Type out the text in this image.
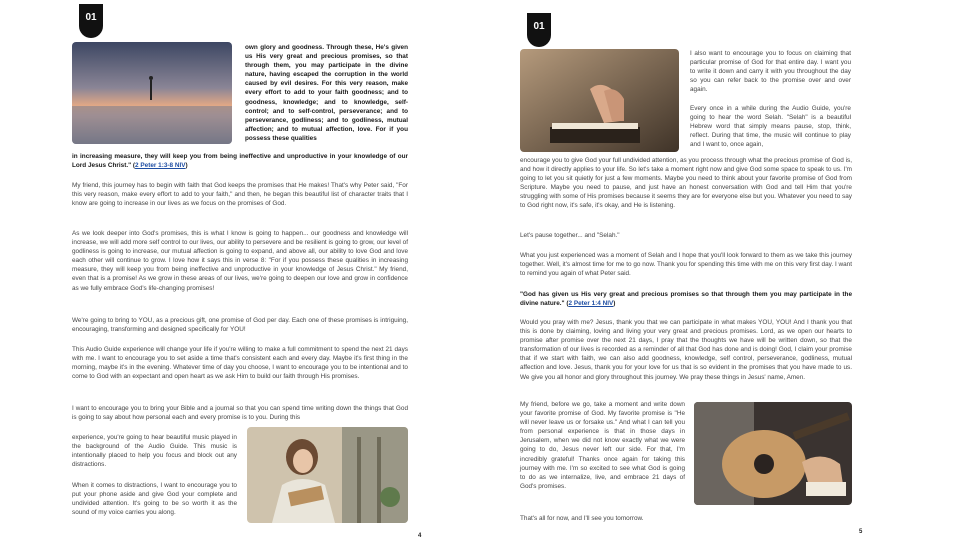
01
own glory and goodness. Through these, He's given us His very great and precious promises, so that through them, you may participate in the divine nature, having escaped the corruption in the world caused by evil desires. For this very reason, make every effort to add to your faith goodness; and to goodness, knowledge; and to knowledge, self-control; and to self-control, perseverance; and to perseverance, godliness; and to godliness, mutual affection; and to mutual affection, love. For if you possess these qualities
in increasing measure, they will keep you from being ineffective and unproductive in your knowledge of our Lord Jesus Christ." (2 Peter 1:3-8 NIV)
My friend, this journey has to begin with faith that God keeps the promises that He makes! That's why Peter said, "For this very reason, make every effort to add to your faith," and then, he began this beautiful list of character traits that I know are going to increase in our lives as we focus on the promises of God.
As we look deeper into God's promises, this is what I know is going to happen... our goodness and knowledge will increase, we will add more self control to our lives, our ability to persevere and be resilient is going to grow, our level of godliness is going to increase, our mutual affection is going to expand, and above all, our ability to love God and love each other will continue to grow. I love how it says this in verse 8: "For if you possess these qualities in increasing measure, they will keep you from being ineffective and unproductive in your knowledge of Jesus Christ." My friend, even that is a promise! As we grow in these areas of our lives, we're going to deepen our love and grow in confidence as we fully embrace God's life-changing promises!
We're going to bring to YOU, as a precious gift, one promise of God per day. Each one of these promises is intriguing, encouraging, transforming and designed specifically for YOU!
This Audio Guide experience will change your life if you're willing to make a full commitment to spend the next 21 days with me. I want to encourage you to set aside a time that's consistent each and every day. Maybe it's first thing in the morning, maybe it's in the evening. Whatever time of day you choose, I want to encourage you to be intentional and to come to God with an expectant and open heart as we ask Him to build our faith through His promises.
I want to encourage you to bring your Bible and a journal so that you can spend time writing down the things that God is going to say about how personal each and every promise is to you. During this
experience, you're going to hear beautiful music played in the background of the Audio Guide. This music is intentionally placed to help you focus and block out any distractions.
When it comes to distractions, I want to encourage you to put your phone aside and give God your complete and undivided attention. It's going to be so worth it as the sound of my voice carries you along.
4
01
I also want to encourage you to focus on claiming that particular promise of God for that entire day. I want you to write it down and carry it with you throughout the day so you can refer back to the promise over and over again.
Every once in a while during the Audio Guide, you're going to hear the word Selah. "Selah" is a beautiful Hebrew word that simply means pause, stop, think, reflect. During that time, the music will continue to play and I want to, once again,
encourage you to give God your full undivided attention, as you process through what the precious promise of God is, and how it directly applies to your life. So let's take a moment right now and give God some space to speak to us. I'm going to let you sit quietly for just a few moments. Maybe you need to think about your favorite promise of God from Scripture. Maybe you need to pause, and just have an honest conversation with God and tell Him that you're struggling with some of His promises because it seems they are for everyone else but you. Whatever you need to say to God right now, it's safe, it's okay, and He is listening.
Let's pause together... and "Selah."
What you just experienced was a moment of Selah and I hope that you'll look forward to them as we take this journey together. Well, it's almost time for me to go now. Thank you for spending this time with me on this very first day. I want to remind you again of what Peter said.
"God has given us His very great and precious promises so that through them you may participate in the divine nature." (2 Peter 1:4 NIV)
Would you pray with me? Jesus, thank you that we can participate in what makes YOU, YOU! And I thank you that this is done by claiming, loving and living your very great and precious promises. Lord, as we open our hearts to promise after promise over the next 21 days, I pray that the thoughts we have will be written down, so that the transformation of our lives is recorded as a reminder of all that God has done and is doing! God, I claim your promise that if we start with faith, we can also add goodness, knowledge, self control, perseverance, godliness, mutual affection and love. Jesus, thank you for your love for us that is so evident in the promises that you have made to us. We give you all honor and glory throughout this journey. We pray these things in Jesus' name, Amen.
My friend, before we go, take a moment and write down your favorite promise of God. My favorite promise is "He will never leave us or forsake us." And what I can tell you from personal experience is that in those days in Jerusalem, when we did not know exactly what we were going to do, Jesus never left our side. For that, I'm incredibly grateful! Thanks once again for taking this journey with me. I'm so excited to see what God is going to do as we internalize, live, and embrace 21 days of God's promises.
That's all for now, and I'll see you tomorrow.
5
